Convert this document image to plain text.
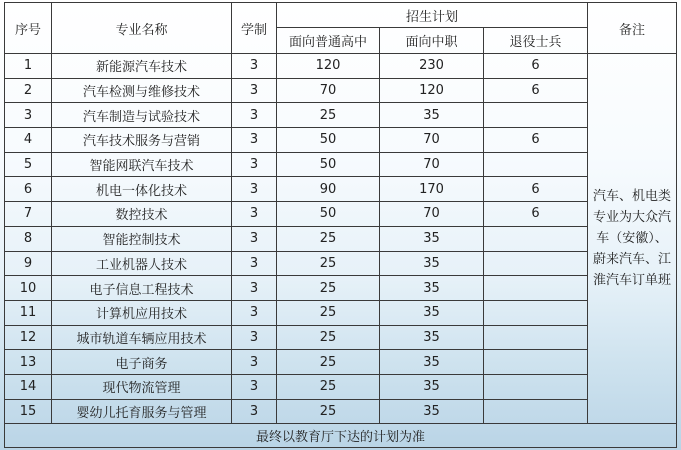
序号	专业名称	学制	招生计划			备注
			面向普通高中	面向中职	退役士兵	
1	新能源汽车技术	3	120	230	6	汽车、机电类专业为大众汽车（安徽）、蔚来汽车、江淮汽车订单班
2	汽车检测与维修技术	3	70	120	6	
3	汽车制造与试验技术	3	25	35		
4	汽车技术服务与营销	3	50	70	6	
5	智能网联汽车技术	3	50	70		
6	机电一体化技术	3	90	170	6	
7	数控技术	3	50	70	6	
8	智能控制技术	3	25	35		
9	工业机器人技术	3	25	35		
10	电子信息工程技术	3	25	35		
11	计算机应用技术	3	25	35		
12	城市轨道车辆应用技术	3	25	35		
13	电子商务	3	25	35		
14	现代物流管理	3	25	35		
15	婴幼儿托育服务与管理	3	25	35		
最终以教育厅下达的计划为准						
